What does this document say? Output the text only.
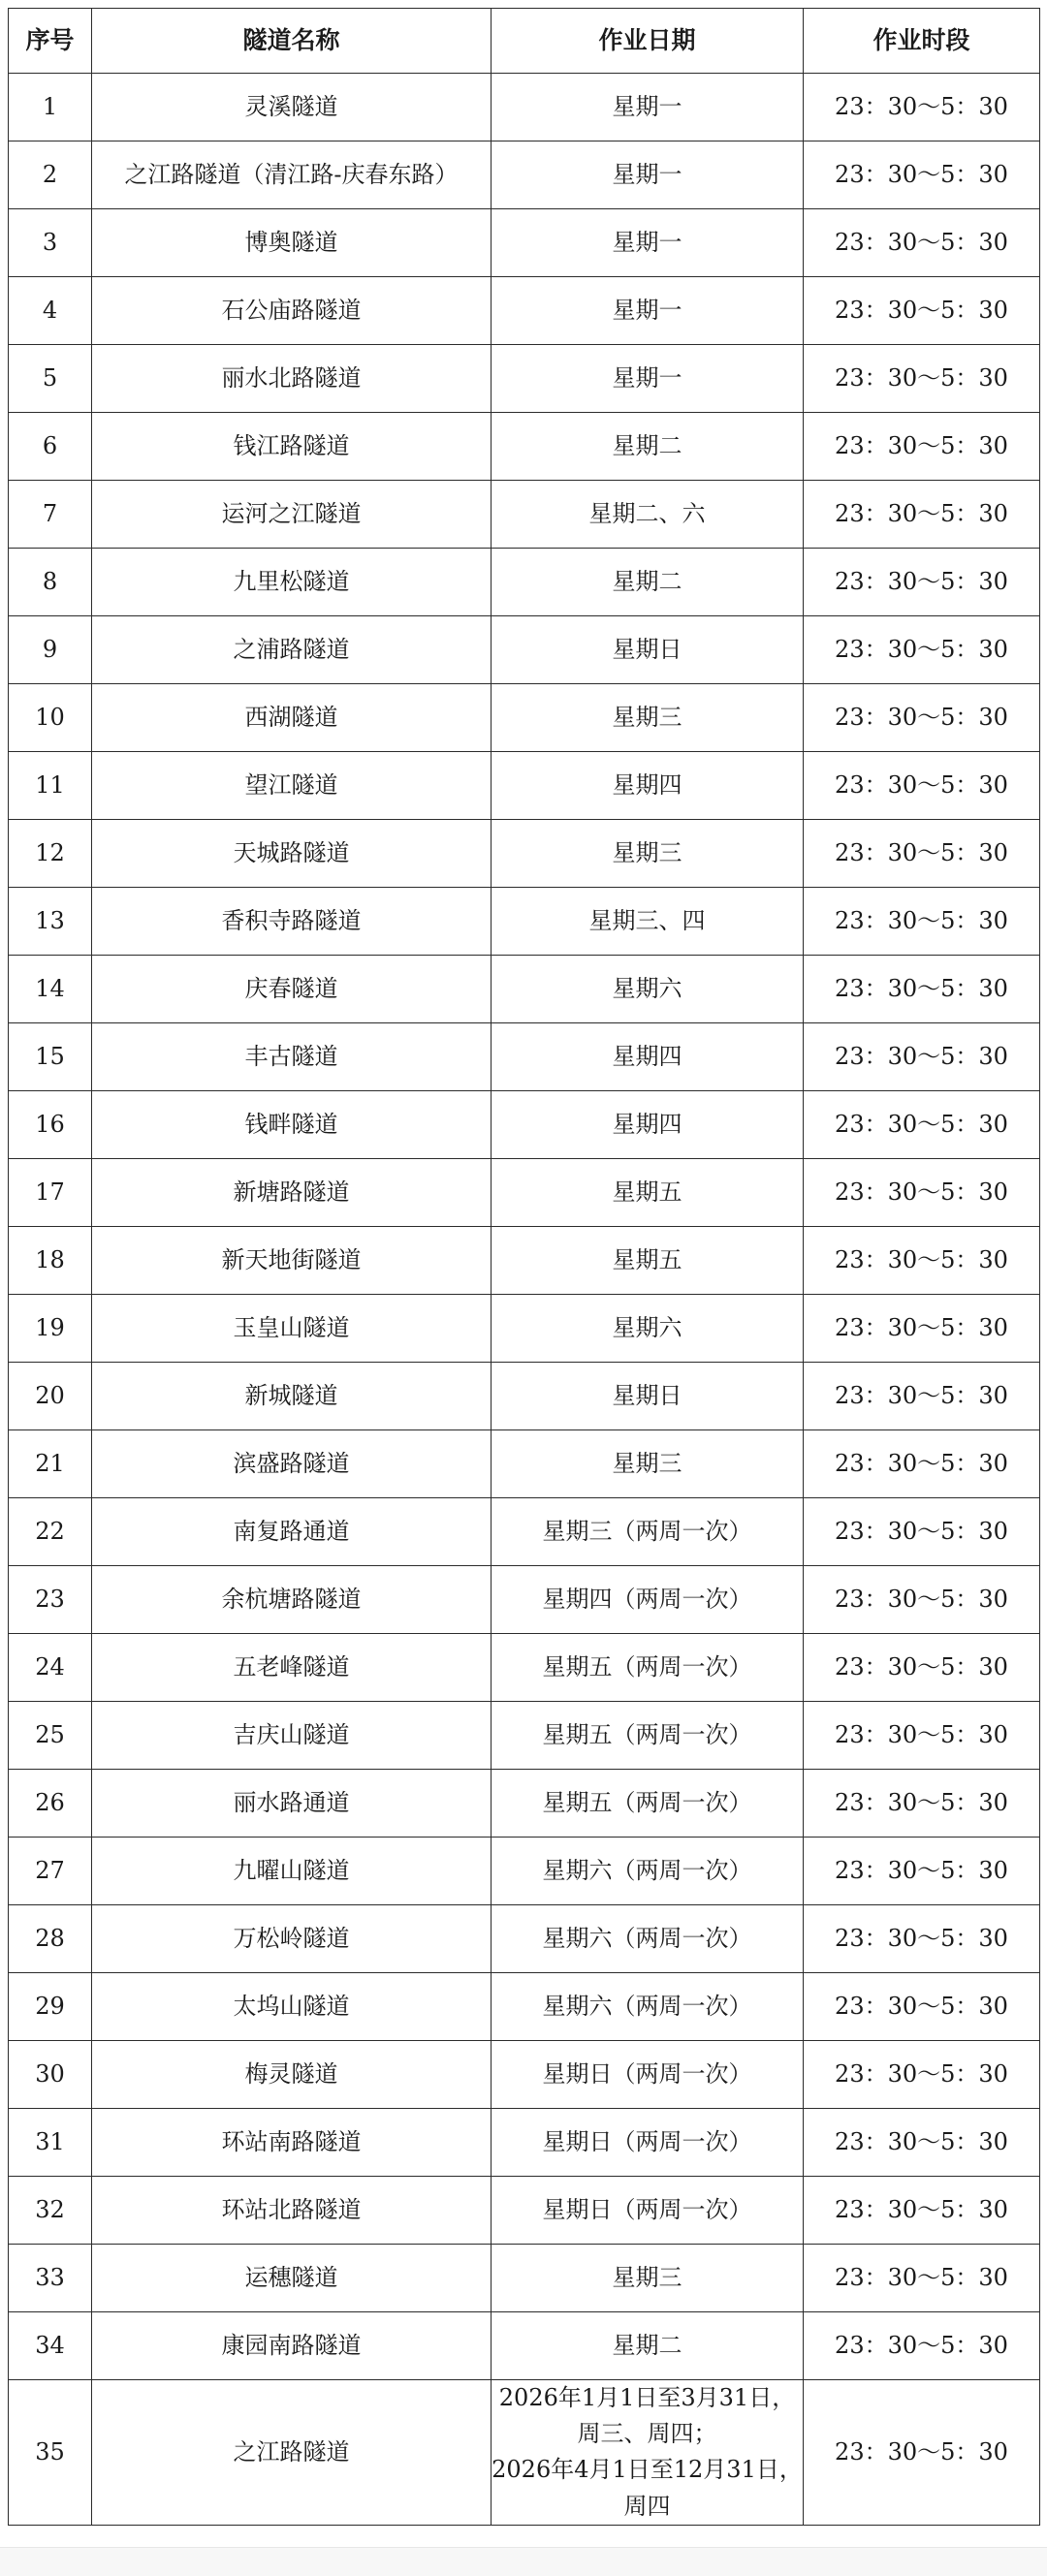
序号	隧道名称	作业日期	作业时段
1	灵溪隧道	星期一	23：30～5：30
2	之江路隧道（清江路-庆春东路）	星期一	23：30～5：30
3	博奥隧道	星期一	23：30～5：30
4	石公庙路隧道	星期一	23：30～5：30
5	丽水北路隧道	星期一	23：30～5：30
6	钱江路隧道	星期二	23：30～5：30
7	运河之江隧道	星期二、六	23：30～5：30
8	九里松隧道	星期二	23：30～5：30
9	之浦路隧道	星期日	23：30～5：30
10	西湖隧道	星期三	23：30～5：30
11	望江隧道	星期四	23：30～5：30
12	天城路隧道	星期三	23：30～5：30
13	香积寺路隧道	星期三、四	23：30～5：30
14	庆春隧道	星期六	23：30～5：30
15	丰古隧道	星期四	23：30～5：30
16	钱畔隧道	星期四	23：30～5：30
17	新塘路隧道	星期五	23：30～5：30
18	新天地街隧道	星期五	23：30～5：30
19	玉皇山隧道	星期六	23：30～5：30
20	新城隧道	星期日	23：30～5：30
21	滨盛路隧道	星期三	23：30～5：30
22	南复路通道	星期三（两周一次）	23：30～5：30
23	余杭塘路隧道	星期四（两周一次）	23：30～5：30
24	五老峰隧道	星期五（两周一次）	23：30～5：30
25	吉庆山隧道	星期五（两周一次）	23：30～5：30
26	丽水路通道	星期五（两周一次）	23：30～5：30
27	九曜山隧道	星期六（两周一次）	23：30～5：30
28	万松岭隧道	星期六（两周一次）	23：30～5：30
29	太坞山隧道	星期六（两周一次）	23：30～5：30
30	梅灵隧道	星期日（两周一次）	23：30～5：30
31	环站南路隧道	星期日（两周一次）	23：30～5：30
32	环站北路隧道	星期日（两周一次）	23：30～5：30
33	运穗隧道	星期三	23：30～5：30
34	康园南路隧道	星期二	23：30～5：30
35	之江路隧道	2026年1月1日至3月31日，
周三、周四；
2026年4月1日至12月31日，
周四	23：30～5：30
